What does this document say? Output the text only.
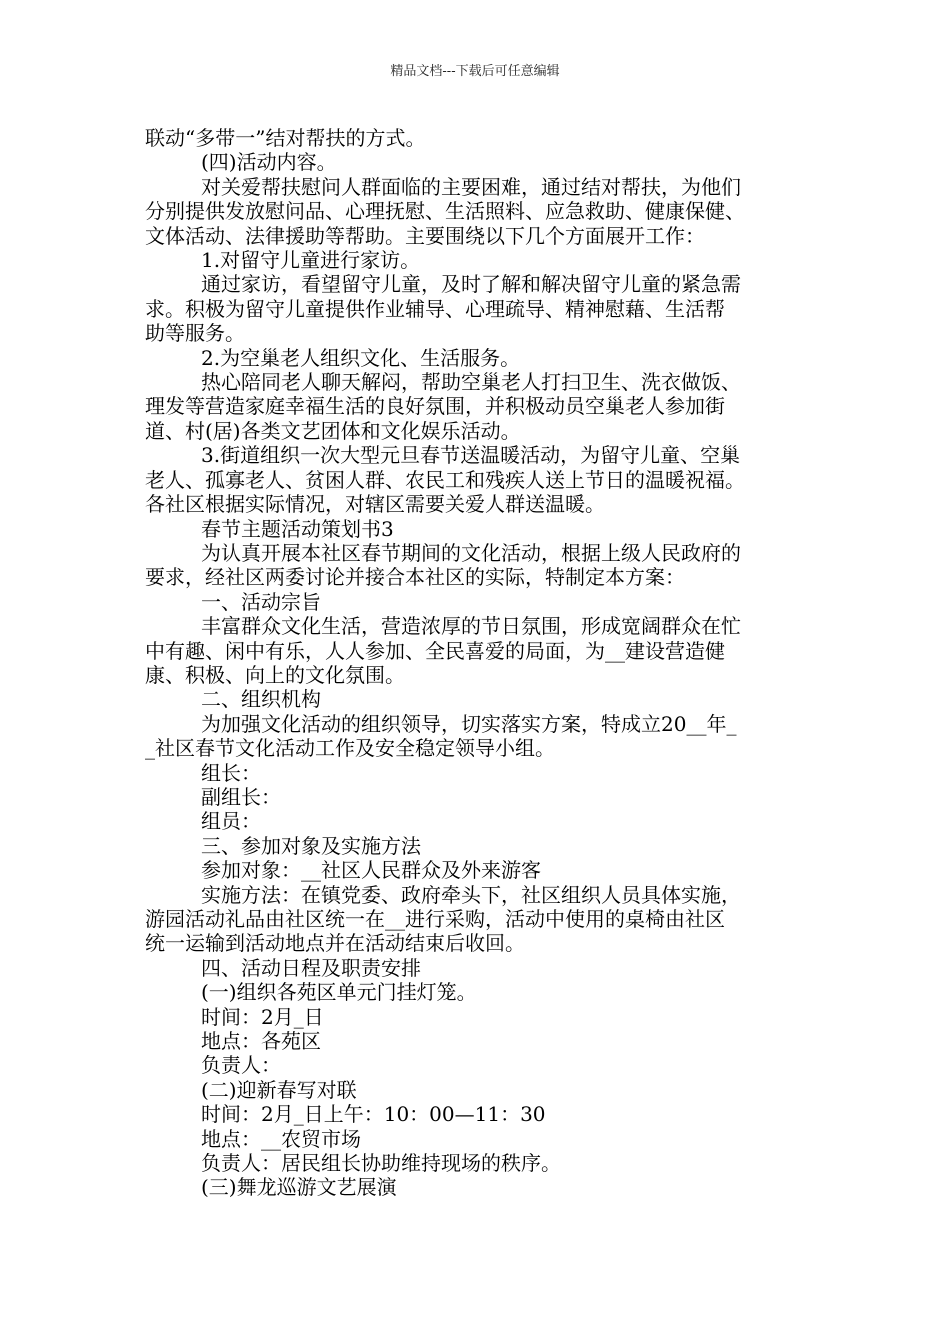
精品文档---下载后可任意编辑

联动“多带一”结对帮扶的方式。

(四)活动内容。

对关爱帮扶慰问人群面临的主要困难，通过结对帮扶，为他们

分别提供发放慰问品、心理抚慰、生活照料、应急救助、健康保健、

文体活动、法律援助等帮助。主要围绕以下几个方面展开工作：

1.对留守儿童进行家访。

通过家访，看望留守儿童，及时了解和解决留守儿童的紧急需

求。积极为留守儿童提供作业辅导、心理疏导、精神慰藉、生活帮

助等服务。

2.为空巢老人组织文化、生活服务。

热心陪同老人聊天解闷，帮助空巢老人打扫卫生、洗衣做饭、

理发等营造家庭幸福生活的良好氛围，并积极动员空巢老人参加街

道、村(居)各类文艺团体和文化娱乐活动。

3.街道组织一次大型元旦春节送温暖活动，为留守儿童、空巢

老人、孤寡老人、贫困人群、农民工和残疾人送上节日的温暖祝福。

各社区根据实际情况，对辖区需要关爱人群送温暖。

春节主题活动策划书3

为认真开展本社区春节期间的文化活动，根据上级人民政府的

要求，经社区两委讨论并接合本社区的实际，特制定本方案：

一、活动宗旨

丰富群众文化生活，营造浓厚的节日氛围，形成宽阔群众在忙

中有趣、闲中有乐，人人参加、全民喜爱的局面，为__建设营造健

康、积极、向上的文化氛围。

二、组织机构

为加强文化活动的组织领导，切实落实方案，特成立20__年_

_社区春节文化活动工作及安全稳定领导小组。

组长：

副组长：

组员：

三、参加对象及实施方法

参加对象：__社区人民群众及外来游客

实施方法：在镇党委、政府牵头下，社区组织人员具体实施，

游园活动礼品由社区统一在__进行采购，活动中使用的桌椅由社区

统一运输到活动地点并在活动结束后收回。

四、活动日程及职责安排

(一)组织各苑区单元门挂灯笼。

时间：2月_日

地点：各苑区

负责人：

(二)迎新春写对联

时间：2月_日上午：10：00—11：30

地点：__农贸市场

负责人：居民组长协助维持现场的秩序。

(三)舞龙巡游文艺展演
